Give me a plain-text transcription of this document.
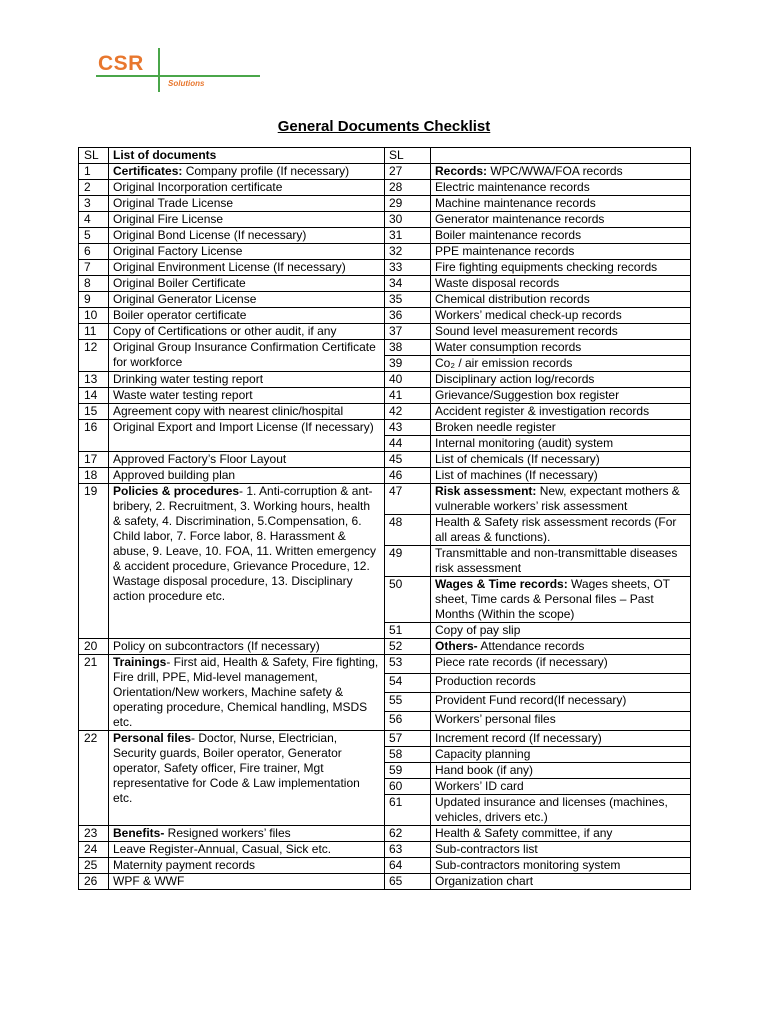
CSR
Solutions
General Documents Checklist
SL	List of documents	SL	
1	Certificates: Company profile (If necessary)	27	Records: WPC/WWA/FOA records
2	Original Incorporation certificate	28	Electric maintenance records
3	Original Trade License	29	Machine maintenance records
4	Original Fire License	30	Generator maintenance records
5	Original Bond License (If necessary)	31	Boiler maintenance records
6	Original Factory License	32	PPE maintenance records
7	Original Environment License (If necessary)	33	Fire fighting equipments checking records
8	Original Boiler Certificate	34	Waste disposal records
9	Original Generator License	35	Chemical distribution records
10	Boiler operator certificate	36	Workers’ medical check-up records
11	Copy of Certifications or other audit, if any	37	Sound level measurement records
12	Original Group Insurance Confirmation Certificate for workforce	38	Water consumption records
		39	Co₂ / air emission records
13	Drinking water testing report	40	Disciplinary action log/records
14	Waste water testing report	41	Grievance/Suggestion box register
15	Agreement copy with nearest clinic/hospital	42	Accident register & investigation records
16	Original Export and Import License (If necessary)	43	Broken needle register
		44	Internal monitoring (audit) system
17	Approved Factory’s Floor Layout	45	List of chemicals (If necessary)
18	Approved building plan	46	List of machines (If necessary)
19	Policies & procedures- 1. Anti-corruption & ant-bribery, 2. Recruitment, 3. Working hours, health & safety, 4. Discrimination, 5.Compensation, 6. Child labor, 7. Force labor, 8. Harassment & abuse, 9. Leave, 10. FOA, 11. Written emergency & accident procedure, Grievance Procedure, 12. Wastage disposal procedure, 13. Disciplinary action procedure etc.	47	Risk assessment: New, expectant mothers & vulnerable workers’ risk assessment
		48	Health & Safety risk assessment records (For all areas & functions).
		49	Transmittable and non-transmittable diseases risk assessment
		50	Wages & Time records: Wages sheets, OT sheet, Time cards & Personal files – Past Months (Within the scope)
		51	Copy of pay slip
20	Policy on subcontractors (If necessary)	52	Others- Attendance records
21	Trainings- First aid, Health & Safety, Fire fighting, Fire drill, PPE, Mid-level management, Orientation/New workers, Machine safety & operating procedure, Chemical handling, MSDS etc.	53	Piece rate records (if necessary)
		54	Production records
		55	Provident Fund record(If necessary)
		56	Workers’ personal files
22	Personal files- Doctor, Nurse, Electrician, Security guards, Boiler operator, Generator operator, Safety officer, Fire trainer, Mgt representative for Code & Law implementation etc.	57	Increment record (If necessary)
		58	Capacity planning
		59	Hand book (if any)
		60	Workers’ ID card
		61	Updated insurance and licenses (machines, vehicles, drivers etc.)
23	Benefits- Resigned workers’ files	62	Health & Safety committee, if any
24	Leave Register-Annual, Casual, Sick etc.	63	Sub-contractors list
25	Maternity payment records	64	Sub-contractors monitoring system
26	WPF & WWF	65	Organization chart
